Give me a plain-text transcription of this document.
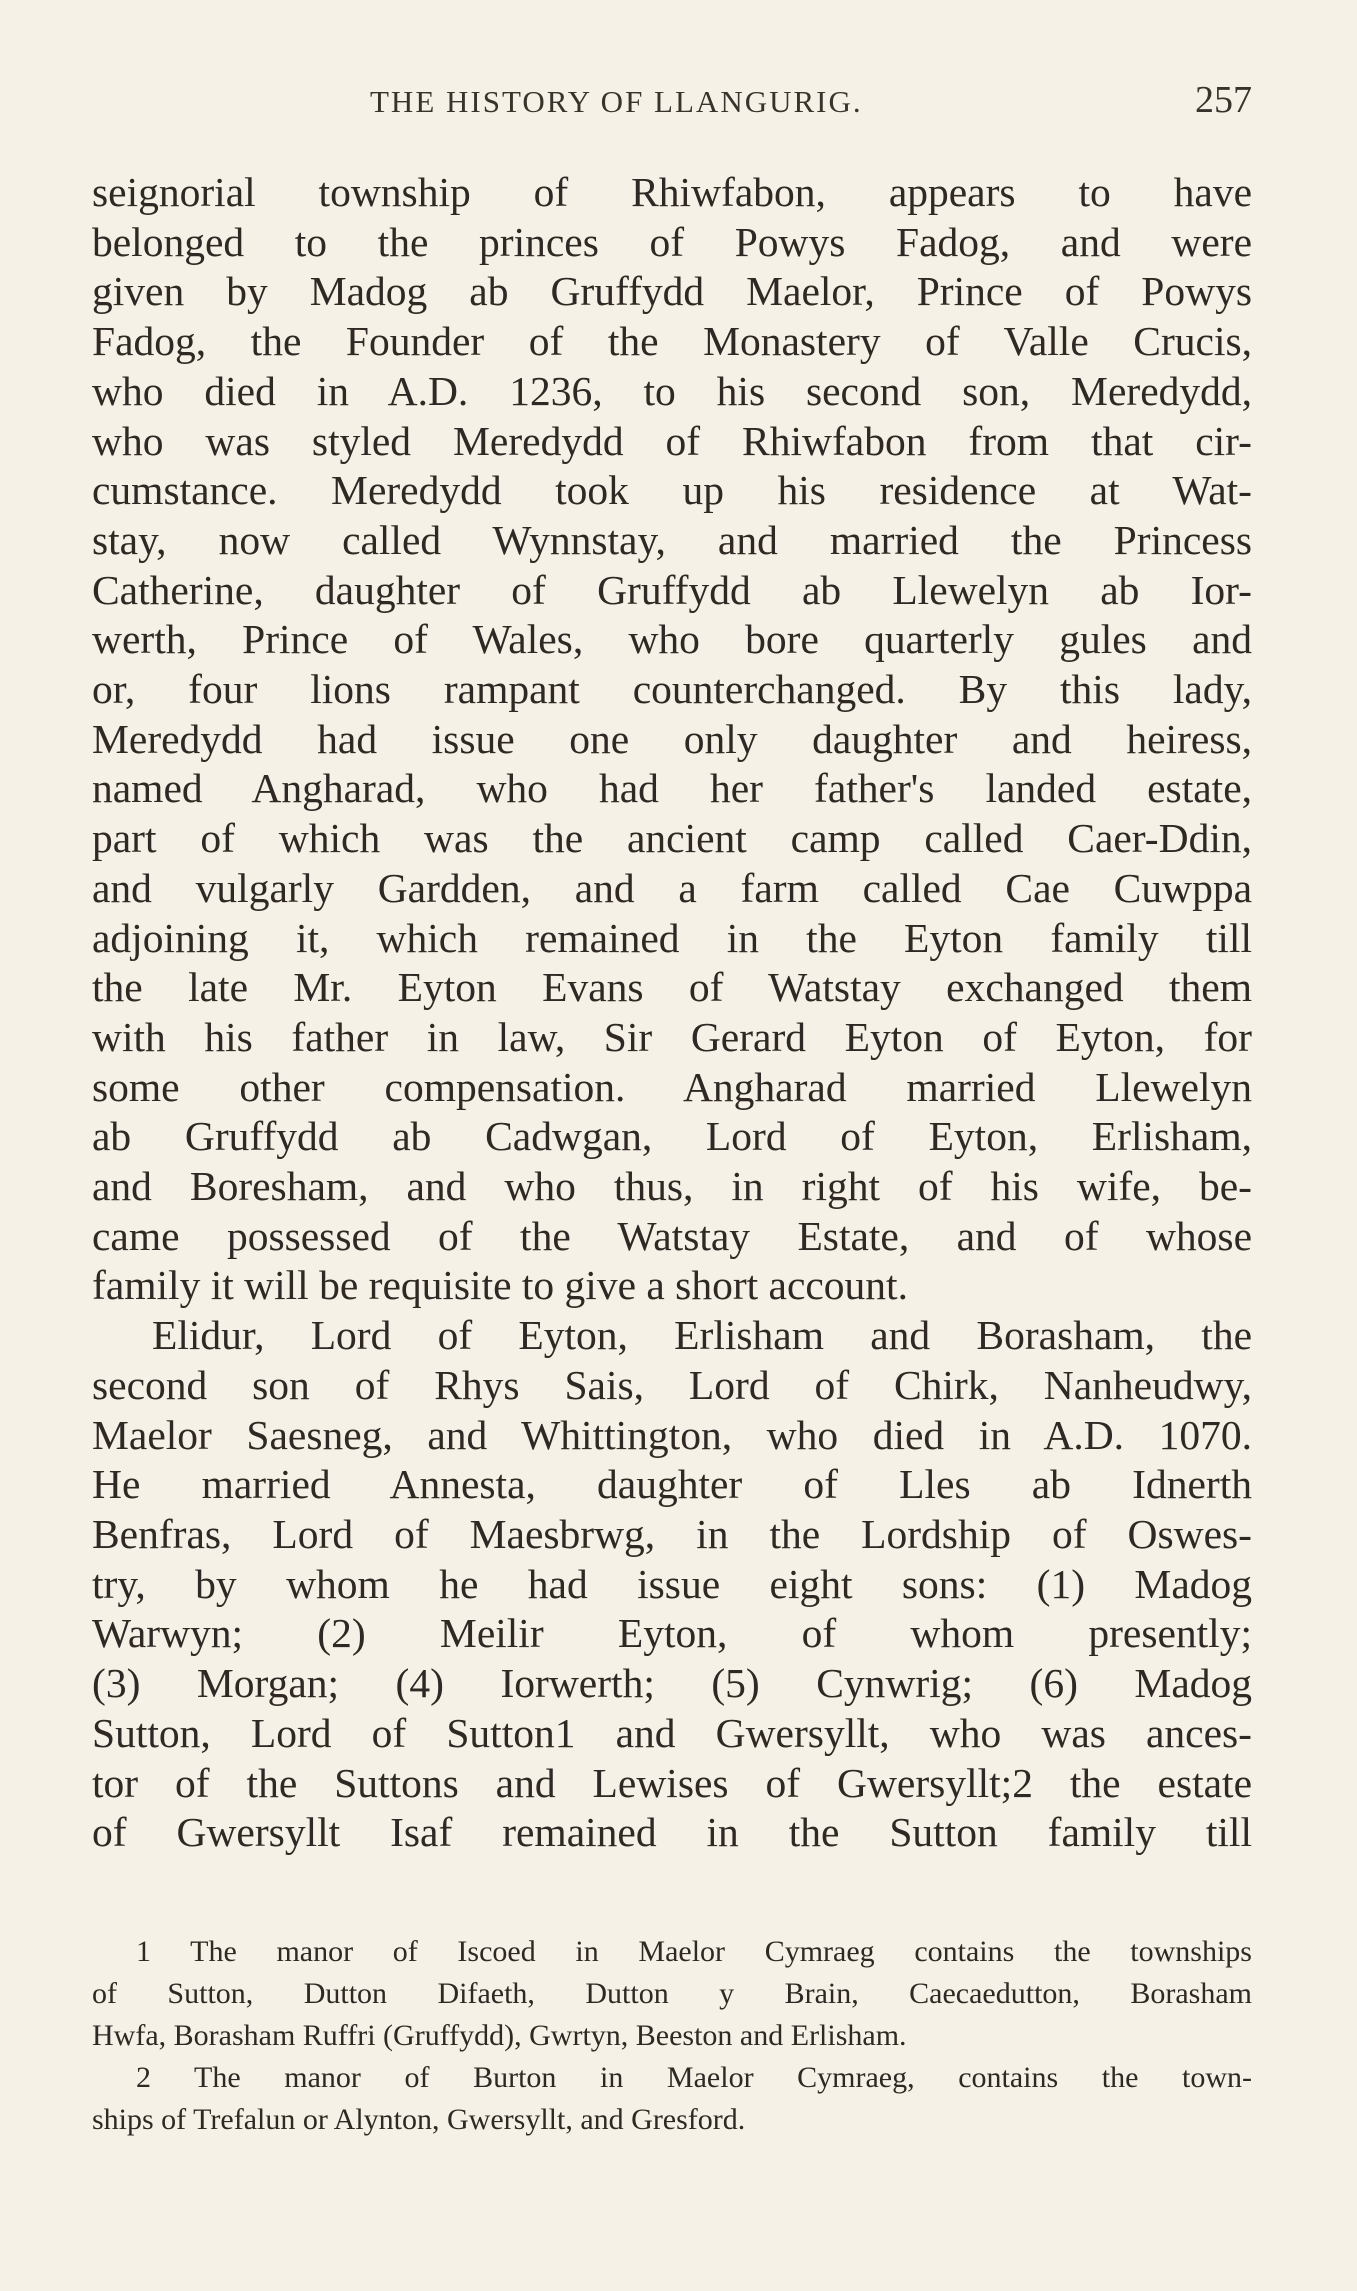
THE HISTORY OF LLANGURIG.	257
seignorial township of Rhiwfabon, appears to have
belonged to the princes of Powys Fadog, and were
given by Madog ab Gruffydd Maelor, Prince of Powys
Fadog, the Founder of the Monastery of Valle Crucis,
who died in A.D. 1236, to his second son, Meredydd,
who was styled Meredydd of Rhiwfabon from that cir-
cumstance. Meredydd took up his residence at Wat-
stay, now called Wynnstay, and married the Princess
Catherine, daughter of Gruffydd ab Llewelyn ab Ior-
werth, Prince of Wales, who bore quarterly gules and
or, four lions rampant counterchanged. By this lady,
Meredydd had issue one only daughter and heiress,
named Angharad, who had her father's landed estate,
part of which was the ancient camp called Caer-Ddin,
and vulgarly Gardden, and a farm called Cae Cuwppa
adjoining it, which remained in the Eyton family till
the late Mr. Eyton Evans of Watstay exchanged them
with his father in law, Sir Gerard Eyton of Eyton, for
some other compensation. Angharad married Llewelyn
ab Gruffydd ab Cadwgan, Lord of Eyton, Erlisham,
and Boresham, and who thus, in right of his wife, be-
came possessed of the Watstay Estate, and of whose
family it will be requisite to give a short account.
Elidur, Lord of Eyton, Erlisham and Borasham, the
second son of Rhys Sais, Lord of Chirk, Nanheudwy,
Maelor Saesneg, and Whittington, who died in A.D. 1070.
He married Annesta, daughter of Lles ab Idnerth
Benfras, Lord of Maesbrwg, in the Lordship of Oswes-
try, by whom he had issue eight sons: (1) Madog
Warwyn; (2) Meilir Eyton, of whom presently;
(3) Morgan; (4) Iorwerth; (5) Cynwrig; (6) Madog
Sutton, Lord of Sutton1 and Gwersyllt, who was ances-
tor of the Suttons and Lewises of Gwersyllt;2 the estate
of Gwersyllt Isaf remained in the Sutton family till
1 The manor of Iscoed in Maelor Cymraeg contains the townships
of Sutton, Dutton Difaeth, Dutton y Brain, Caecaedutton, Borasham
Hwfa, Borasham Ruffri (Gruffydd), Gwrtyn, Beeston and Erlisham.
2 The manor of Burton in Maelor Cymraeg, contains the town-
ships of Trefalun or Alynton, Gwersyllt, and Gresford.
